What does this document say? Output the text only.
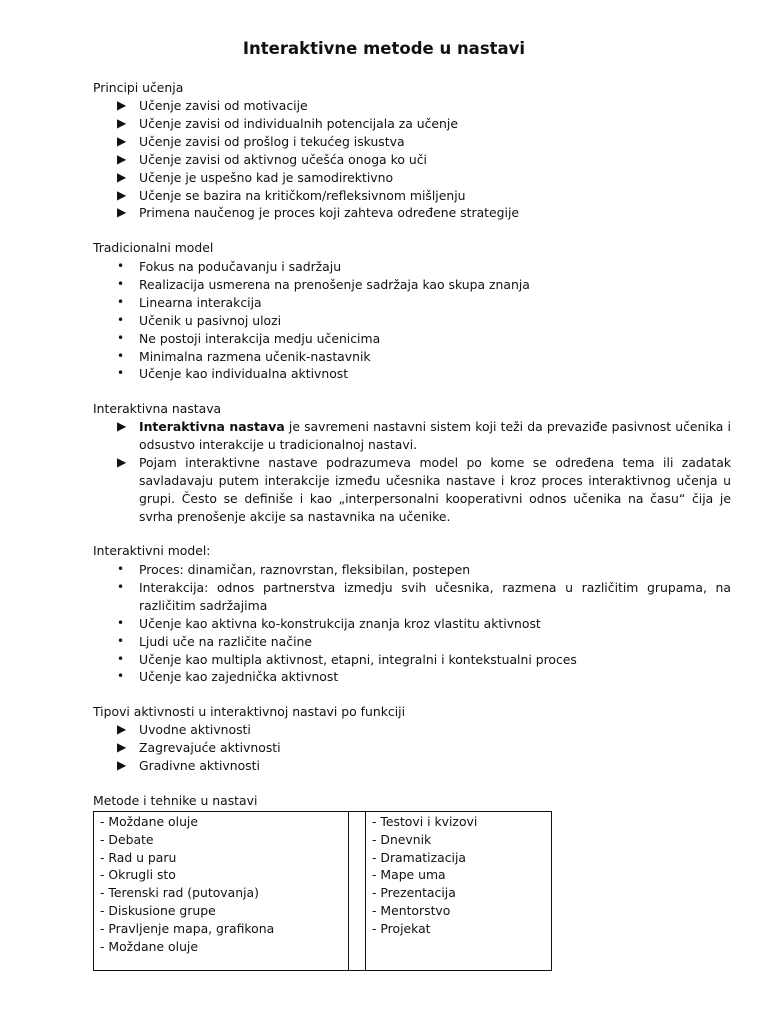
Interaktivne metode u nastavi
Principi učenja
▶ Učenje zavisi od motivacije
▶ Učenje zavisi od individualnih potencijala za učenje
▶ Učenje zavisi od prošlog i tekućeg iskustva
▶ Učenje zavisi od aktivnog učešća onoga ko uči
▶ Učenje je uspešno kad je samodirektivno
▶ Učenje se bazira na kritičkom/refleksivnom mišljenju
▶ Primena naučenog je proces koji zahteva određene strategije
Tradicionalni model
• Fokus na podučavanju i sadržaju
• Realizacija usmerena na prenošenje sadržaja kao skupa znanja
• Linearna interakcija
• Učenik u pasivnoj ulozi
• Ne postoji interakcija medju učenicima
• Minimalna razmena učenik-nastavnik
• Učenje kao individualna aktivnost
Interaktivna nastava
▶ Interaktivna nastava je savremeni nastavni sistem koji teži da prevaziđe pasivnost učenika i odsustvo interakcije u tradicionalnoj nastavi.
▶ Pojam interaktivne nastave podrazumeva model po kome se određena tema ili zadatak savladavaju putem interakcije između učesnika nastave i kroz proces interaktivnog učenja u grupi. Često se definiše i kao „interpersonalni kooperativni odnos učenika na času“ čija je svrha prenošenje akcije sa nastavnika na učenike.
Interaktivni model:
• Proces: dinamičan, raznovrstan, fleksibilan, postepen
• Interakcija: odnos partnerstva izmedju svih učesnika, razmena u različitim grupama, na različitim sadržajima
• Učenje kao aktivna ko-konstrukcija znanja kroz vlastitu aktivnost
• Ljudi uče na različite načine
• Učenje kao multipla aktivnost, etapni, integralni i kontekstualni proces
• Učenje kao zajednička aktivnost
Tipovi aktivnosti u interaktivnoj nastavi po funkciji
▶ Uvodne aktivnosti
▶ Zagrevajuće aktivnosti
▶ Gradivne aktivnosti
Metode i tehnike u nastavi
- Moždane oluje
- Debate
- Rad u paru
- Okrugli sto
- Terenski rad (putovanja)
- Diskusione grupe
- Pravljenje mapa, grafikona
- Moždane oluje
- Testovi i kvizovi
- Dnevnik
- Dramatizacija
- Mape uma
- Prezentacija
- Mentorstvo
- Projekat
